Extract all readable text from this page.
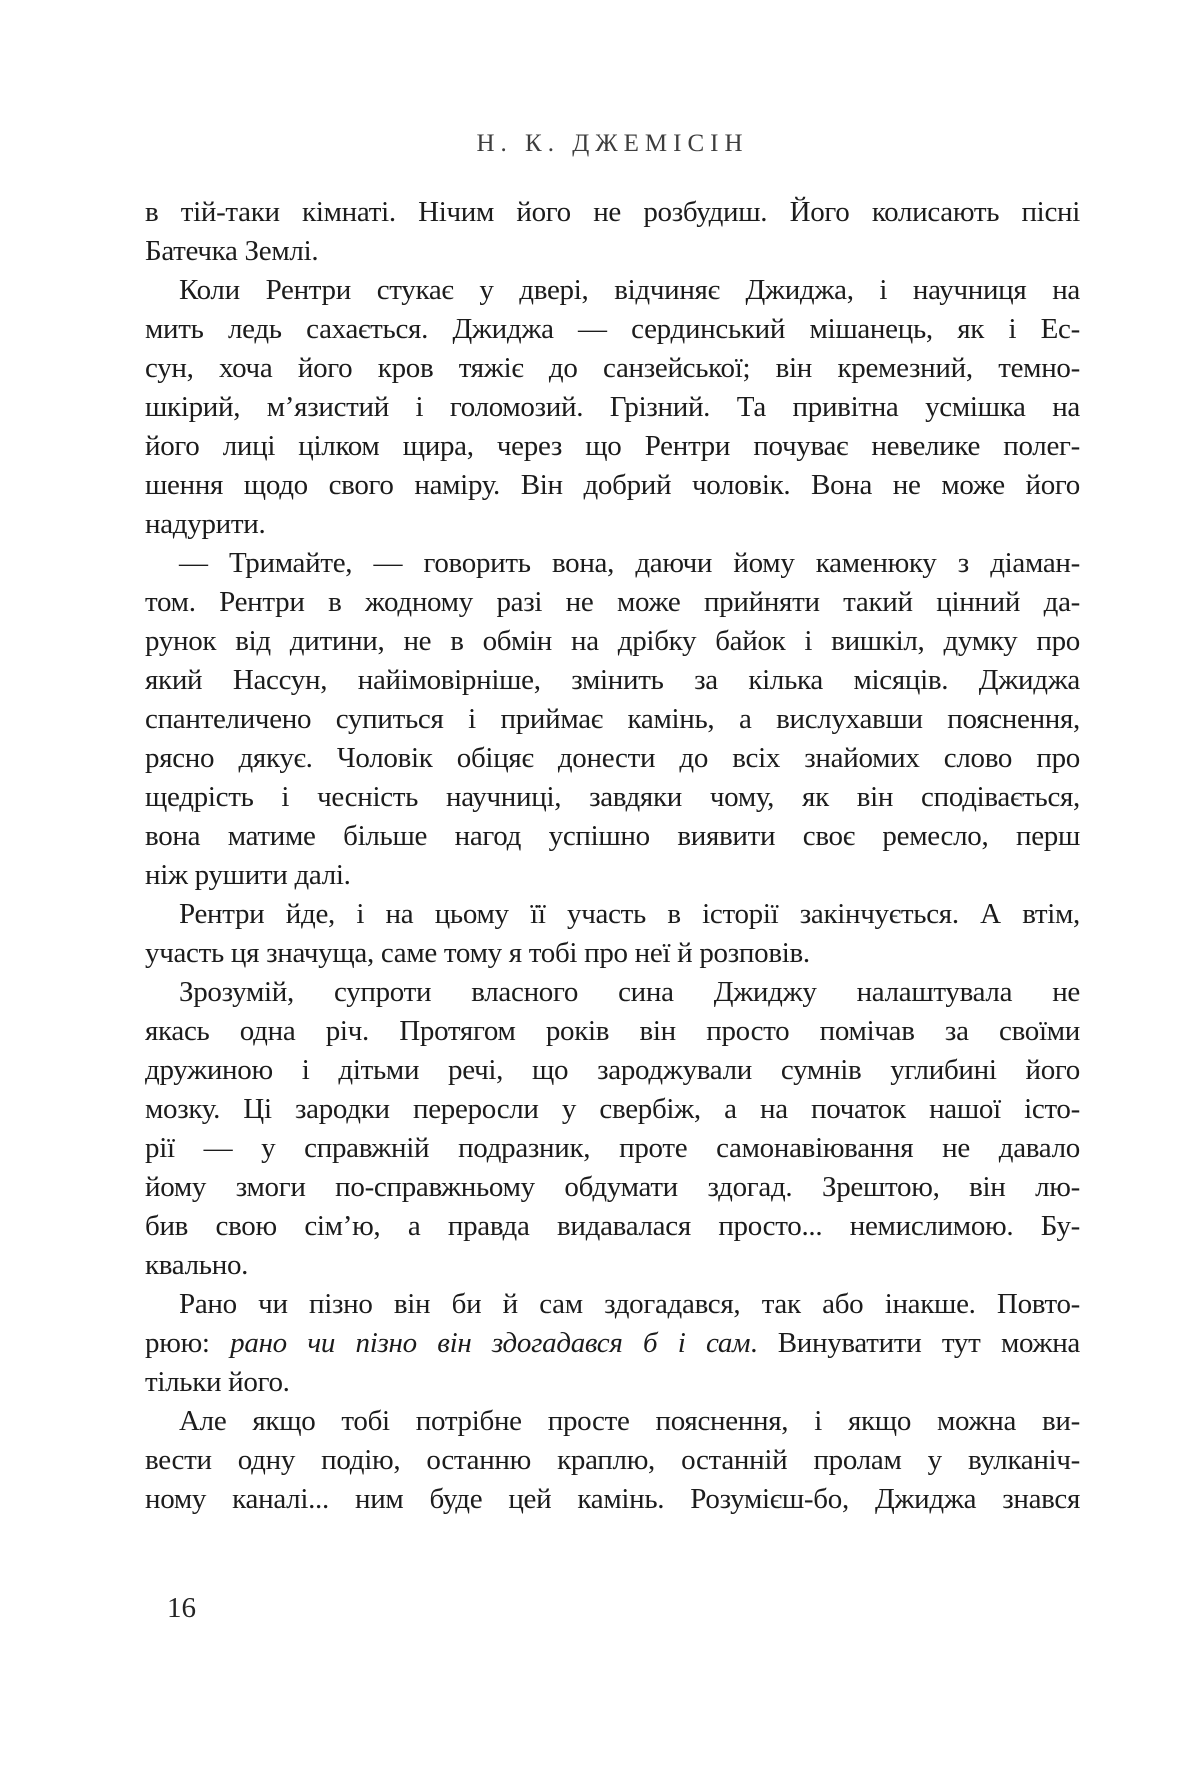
Н. К. ДЖЕМІСІН
в тій-таки кімнаті. Нічим його не розбудиш. Його колисають пісні
Батечка Землі.
Коли Рентри стукає у двері, відчиняє Джиджа, і научниця на
мить ледь сахається. Джиджа — сердинський мішанець, як і Ес-
сун, хоча його кров тяжіє до санзейської; він кремезний, темно-
шкірий, м’язистий і голомозий. Грізний. Та привітна усмішка на
його лиці цілком щира, через що Рентри почуває невелике полег-
шення щодо свого наміру. Він добрий чоловік. Вона не може його
надурити.
— Тримайте, — говорить вона, даючи йому каменюку з діаман-
том. Рентри в жодному разі не може прийняти такий цінний да-
рунок від дитини, не в обмін на дрібку байок і вишкіл, думку про
який Нассун, найімовірніше, змінить за кілька місяців. Джиджа
спантеличено супиться і приймає камінь, а вислухавши пояснення,
рясно дякує. Чоловік обіцяє донести до всіх знайомих слово про
щедрість і чесність научниці, завдяки чому, як він сподівається,
вона матиме більше нагод успішно виявити своє ремесло, перш
ніж рушити далі.
Рентри йде, і на цьому її участь в історії закінчується. А втім,
участь ця значуща, саме тому я тобі про неї й розповів.
Зрозумій, супроти власного сина Джиджу налаштувала не
якась одна річ. Протягом років він просто помічав за своїми
дружиною і дітьми речі, що зароджували сумнів углибині його
мозку. Ці зародки переросли у свербіж, а на початок нашої істо-
рії — у справжній подразник, проте самонавіювання не давало
йому змоги по-справжньому обдумати здогад. Зрештою, він лю-
бив свою сім’ю, а правда видавалася просто... немислимою. Бу-
квально.
Рано чи пізно він би й сам здогадався, так або інакше. Повто-
рюю: рано чи пізно він здогадався б і сам. Винуватити тут можна
тільки його.
Але якщо тобі потрібне просте пояснення, і якщо можна ви-
вести одну подію, останню краплю, останній пролам у вулканіч-
ному каналі... ним буде цей камінь. Розумієш-бо, Джиджа знався
16
